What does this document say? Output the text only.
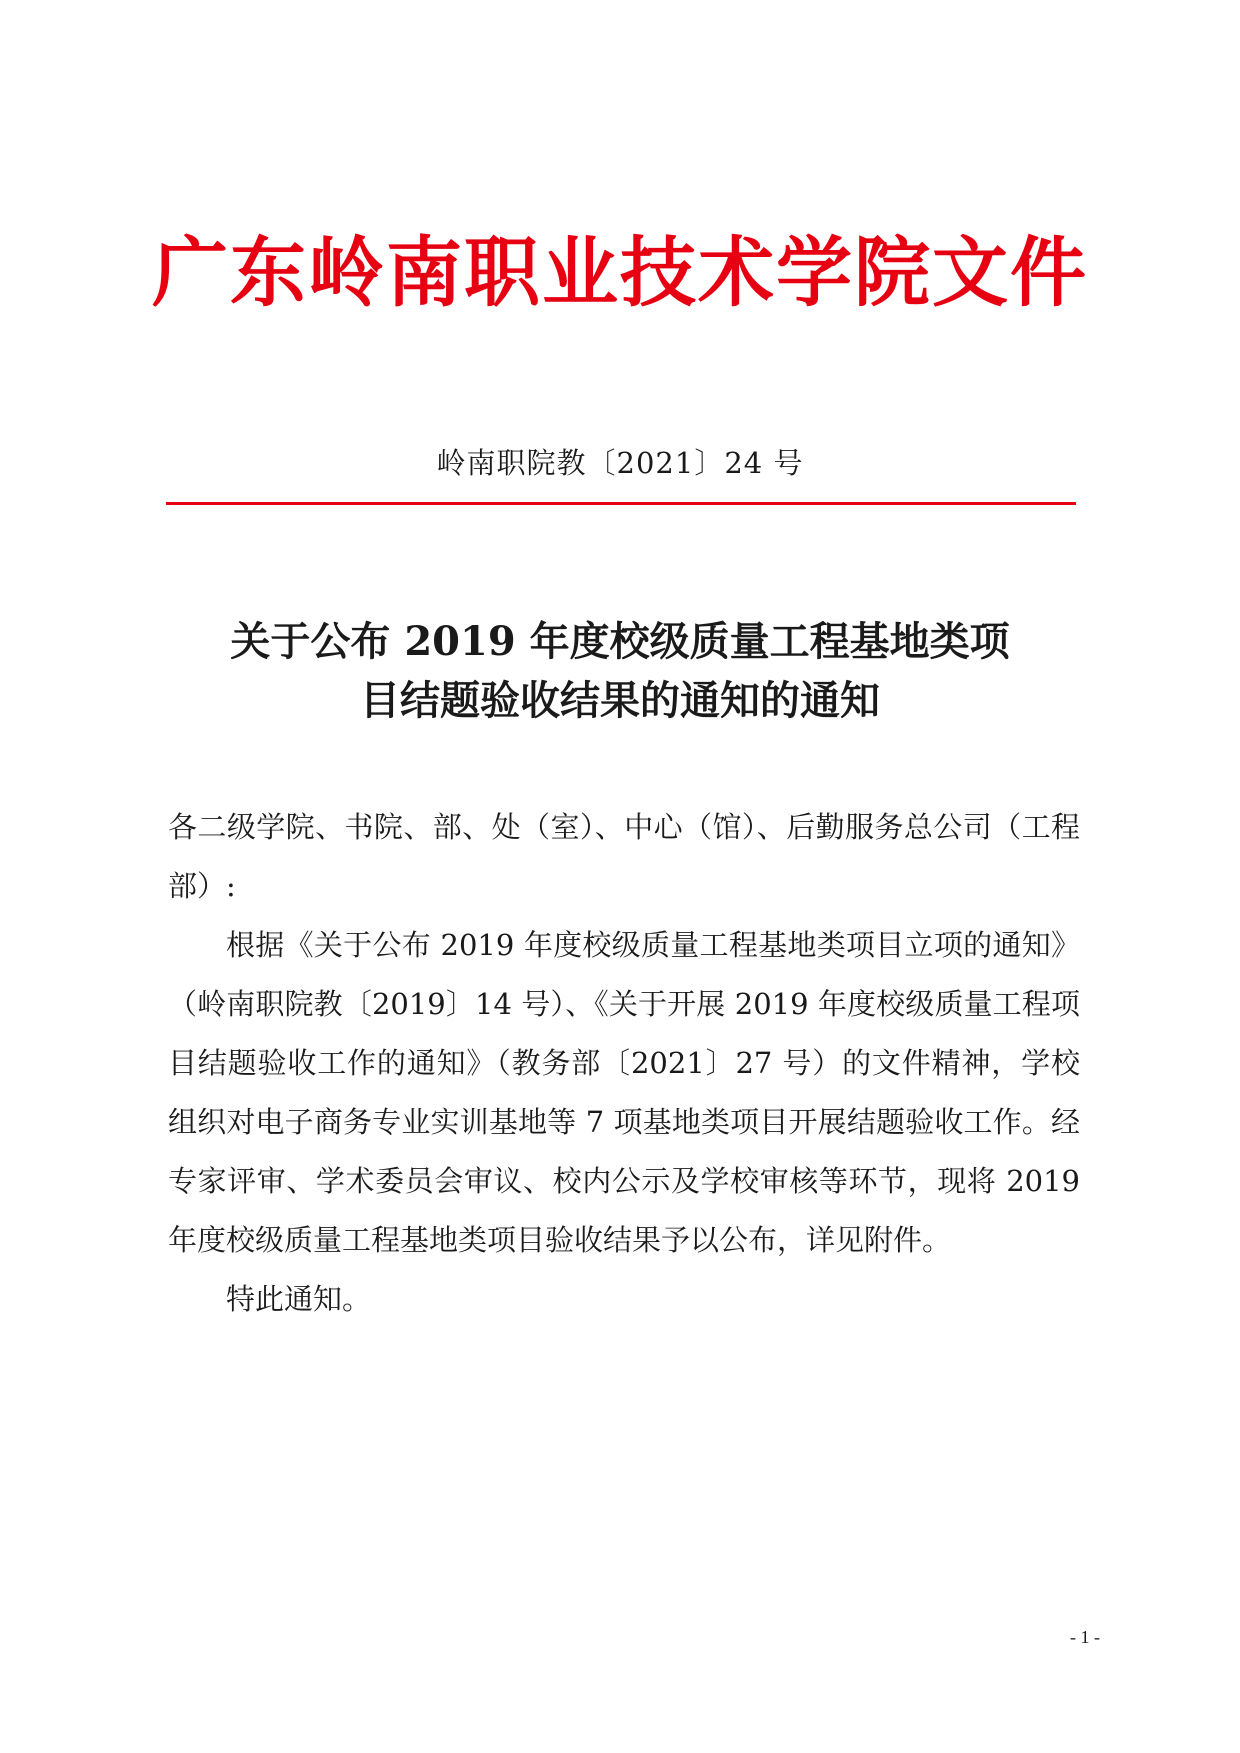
广东岭南职业技术学院文件
岭南职院教〔2021〕24 号
关于公布 2019 年度校级质量工程基地类项
目结题验收结果的通知的通知

各二级学院、书院、部、处（室）、中心（馆）、后勤服务总公司（工程部）:

根据《关于公布 2019 年度校级质量工程基地类项目立项的通知》（岭南职院教〔2019〕14 号）、《关于开展 2019 年度校级质量工程项目结题验收工作的通知》（教务部〔2021〕27 号）的文件精神，学校组织对电子商务专业实训基地等 7 项基地类项目开展结题验收工作。经专家评审、学术委员会审议、校内公示及学校审核等环节，现将 2019 年度校级质量工程基地类项目验收结果予以公布，详见附件。

特此通知。

- 1 -
